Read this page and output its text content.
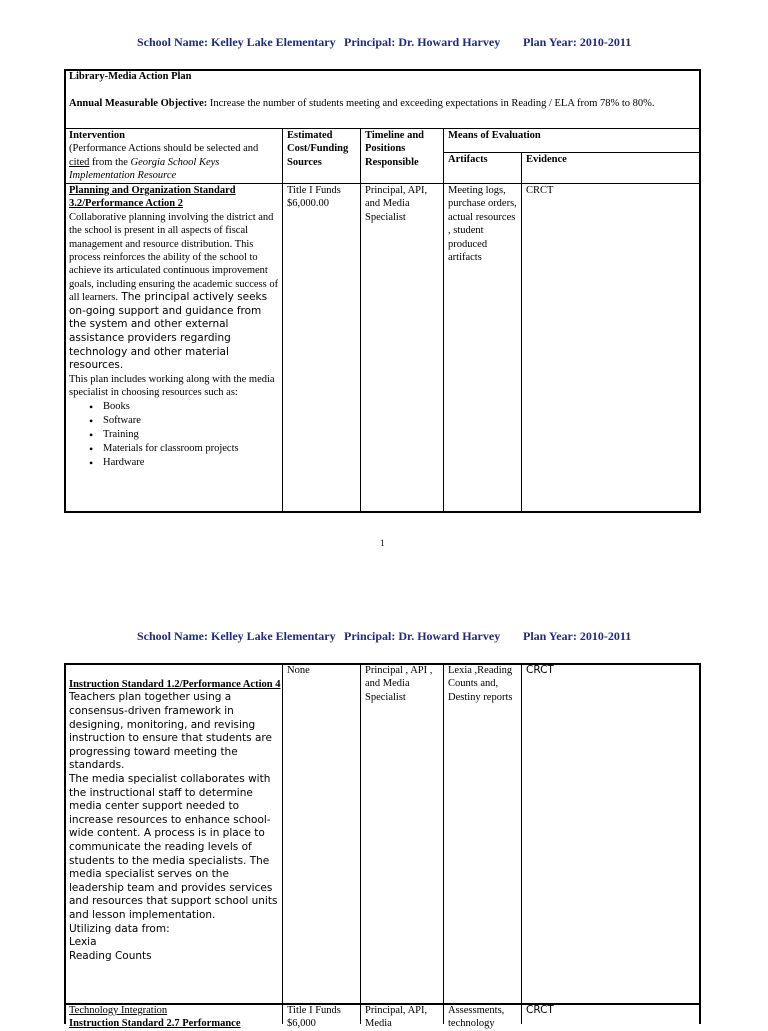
School Name: Kelley Lake Elementary Principal: Dr. Howard Harvey Plan Year: 2010-2011
Library-Media Action Plan
Annual Measurable Objective: Increase the number of students meeting and exceeding expectations in Reading / ELA from 78% to 80%.
Intervention
(Performance Actions should be selected and cited from the Georgia School Keys Implementation Resource
Estimated Cost/Funding Sources
Timeline and Positions Responsible
Means of Evaluation
Artifacts	Evidence
Planning and Organization Standard 3.2/Performance Action 2
Collaborative planning involving the district and the school is present in all aspects of fiscal management and resource distribution. This process reinforces the ability of the school to achieve its articulated continuous improvement goals, including ensuring the academic success of all learners. The principal actively seeks on-going support and guidance from the system and other external assistance providers regarding technology and other material resources.
This plan includes working along with the media specialist in choosing resources such as:
• Books
• Software
• Training
• Materials for classroom projects
• Hardware
Title I Funds $6,000.00
Principal, API, and Media Specialist
Meeting logs, purchase orders, actual resources , student produced artifacts
CRCT
1
School Name: Kelley Lake Elementary Principal: Dr. Howard Harvey Plan Year: 2010-2011
Instruction Standard 1.2/Performance Action 4
Teachers plan together using a consensus-driven framework in designing, monitoring, and revising instruction to ensure that students are progressing toward meeting the standards.
The media specialist collaborates with the instructional staff to determine media center support needed to increase resources to enhance school-wide content. A process is in place to communicate the reading levels of students to the media specialists. The media specialist serves on the leadership team and provides services and resources that support school units and lesson implementation.
Utilizing data from:
Lexia
Reading Counts
None	Principal , API , and Media Specialist
Lexia ,Reading Counts and, Destiny reports
CRCT
Technology Integration
Instruction Standard 2.7 Performance
Title I Funds $6,000
Principal, API, Media
Assessments, technology
CRCT
